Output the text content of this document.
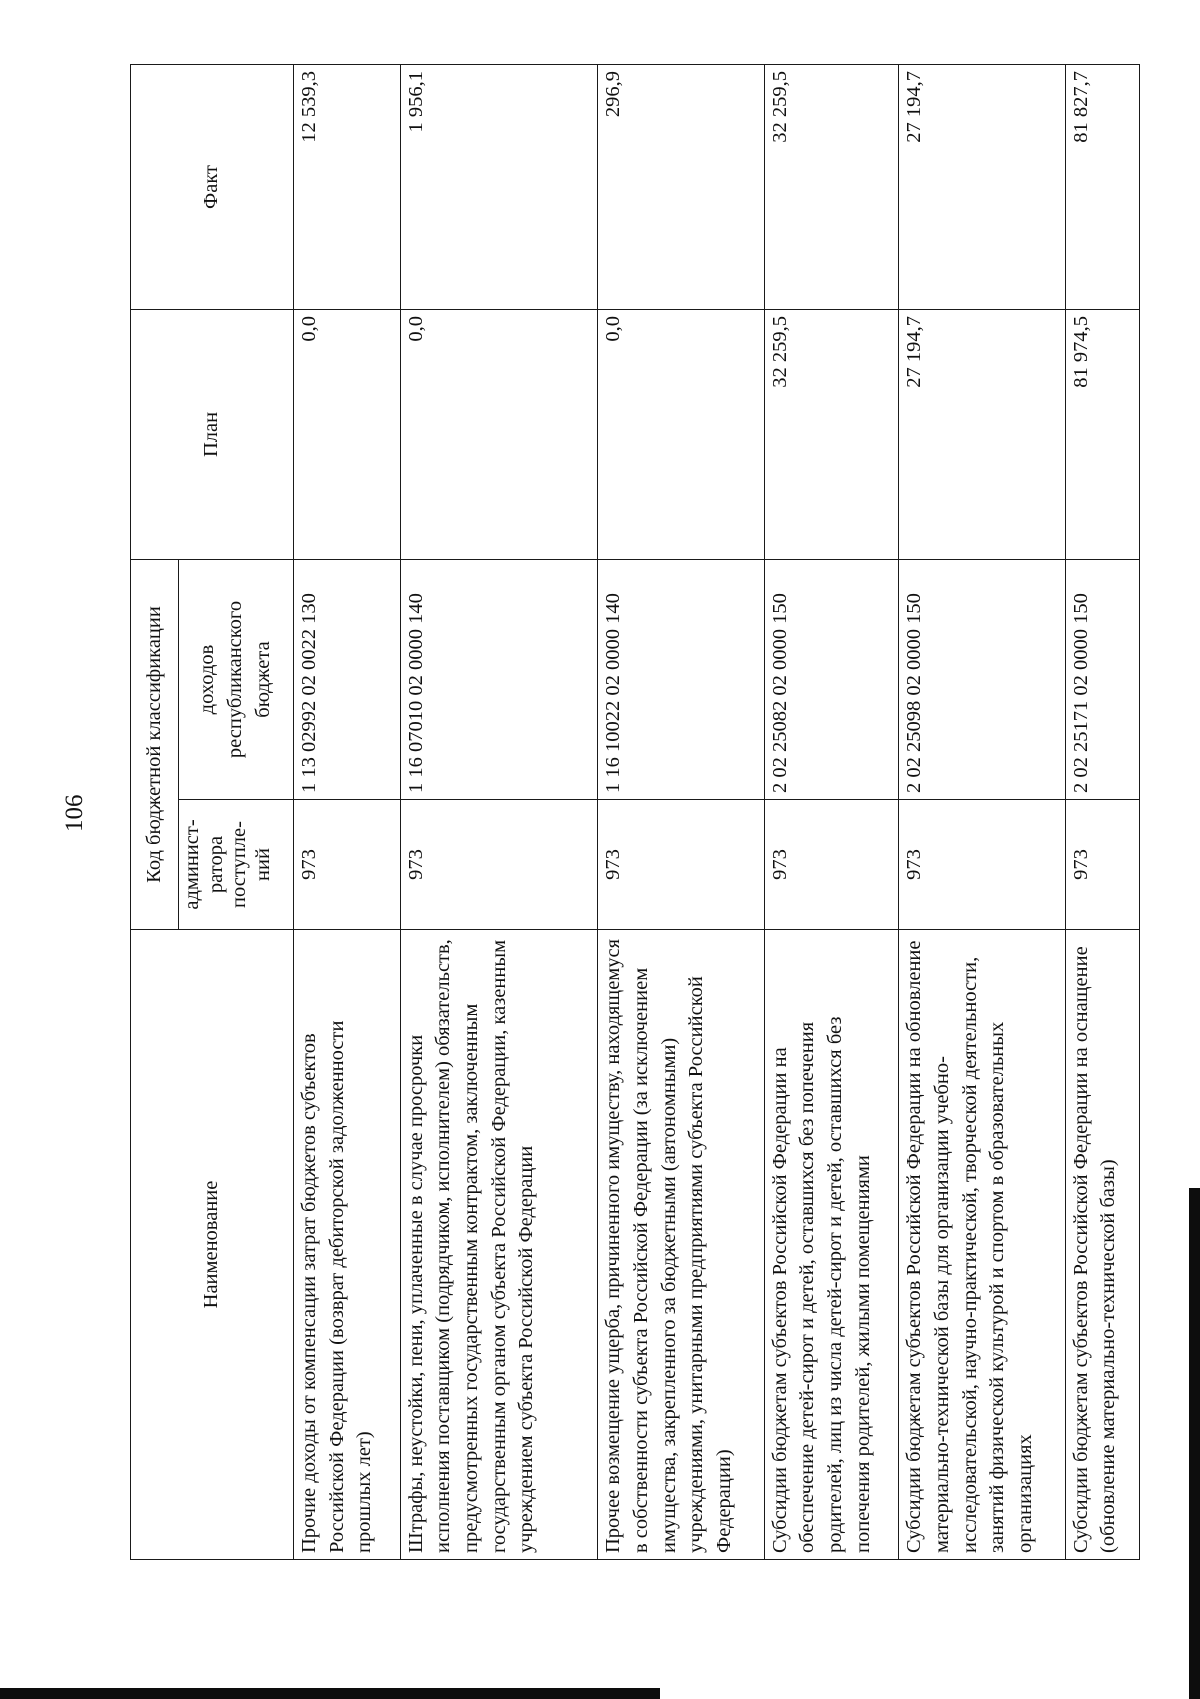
106
Наименование	Код бюджетной классификации		План	Факт
	админист-
ратора
поступле-
ний	доходов
республиканского
бюджета		
Прочие доходы от компенсации затрат бюджетов субъектов Российской Федерации (возврат дебиторской задолженности прошлых лет)	973	1 13 02992 02 0022 130	0,0	12 539,3
Штрафы, неустойки, пени, уплаченные в случае просрочки исполнения поставщиком (подрядчиком, исполнителем) обязательств, предусмотренных государственным контрактом, заключенным государственным органом субъекта Российской Федерации, казенным учреждением субъекта Российской Федерации	973	1 16 07010 02 0000 140	0,0	1 956,1
Прочее возмещение ущерба, причиненного имуществу, находящемуся в собственности субъекта Российской Федерации (за исключением имущества, закрепленного за бюджетными (автономными) учреждениями, унитарными предприятиями субъекта Российской Федерации)	973	1 16 10022 02 0000 140	0,0	296,9
Субсидии бюджетам субъектов Российской Федерации на обеспечение детей-сирот и детей, оставшихся без попечения родителей, лиц из числа детей-сирот и детей, оставшихся без попечения родителей, жилыми помещениями	973	2 02 25082 02 0000 150	32 259,5	32 259,5
Субсидии бюджетам субъектов Российской Федерации на обновление материально-технической базы для организации учебно-исследовательской, научно-практической, творческой деятельности, занятий физической культурой и спортом в образовательных организациях	973	2 02 25098 02 0000 150	27 194,7	27 194,7
Субсидии бюджетам субъектов Российской Федерации на оснащение (обновление материально-технической базы)	973	2 02 25171 02 0000 150	81 974,5	81 827,7
